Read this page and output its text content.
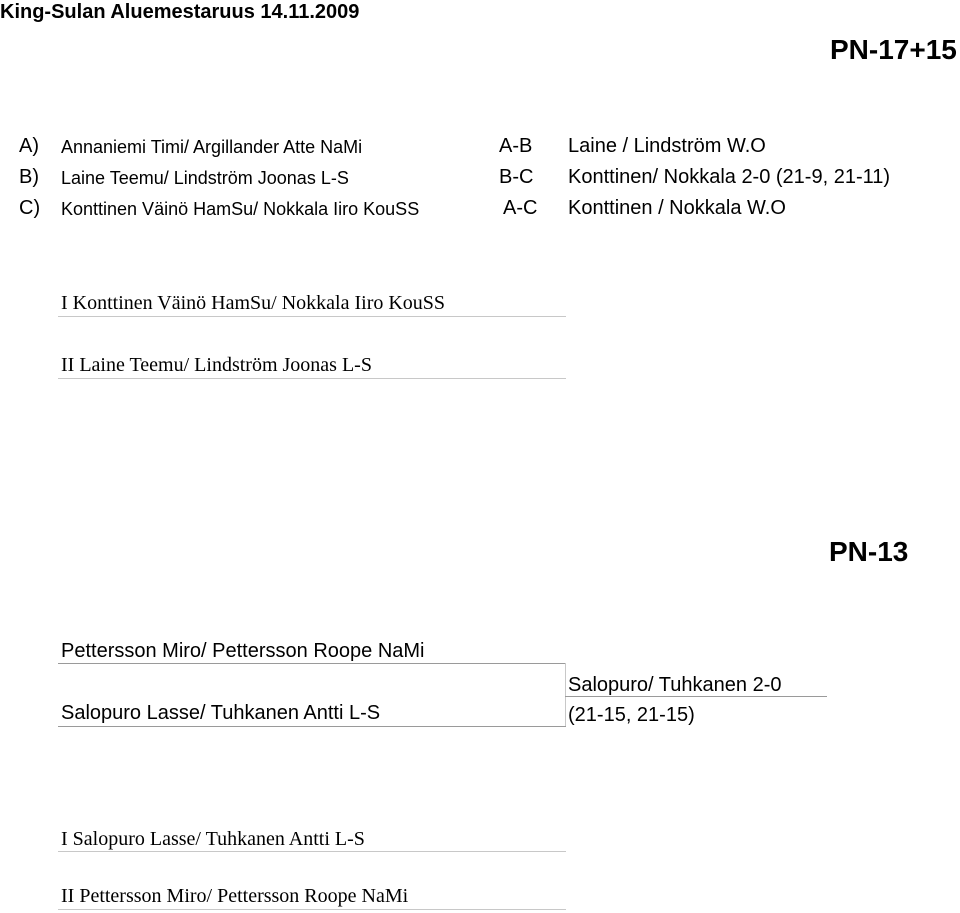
King-Sulan Aluemestaruus 14.11.2009
PN-17+15
A) Annaniemi Timi/ Argillander Atte NaMi	A-B Laine / Lindström W.O
B) Laine Teemu/ Lindström Joonas L-S	B-C Konttinen/ Nokkala 2-0 (21-9, 21-11)
C) Konttinen Väinö HamSu/ Nokkala Iiro KouSS	A-C Konttinen / Nokkala W.O
I Konttinen Väinö HamSu/ Nokkala Iiro KouSS
II Laine Teemu/ Lindström Joonas L-S
PN-13
Pettersson Miro/ Pettersson Roope NaMi
Salopuro/ Tuhkanen 2-0
(21-15, 21-15)
Salopuro Lasse/ Tuhkanen Antti L-S
I Salopuro Lasse/ Tuhkanen Antti L-S
II Pettersson Miro/ Pettersson Roope NaMi
